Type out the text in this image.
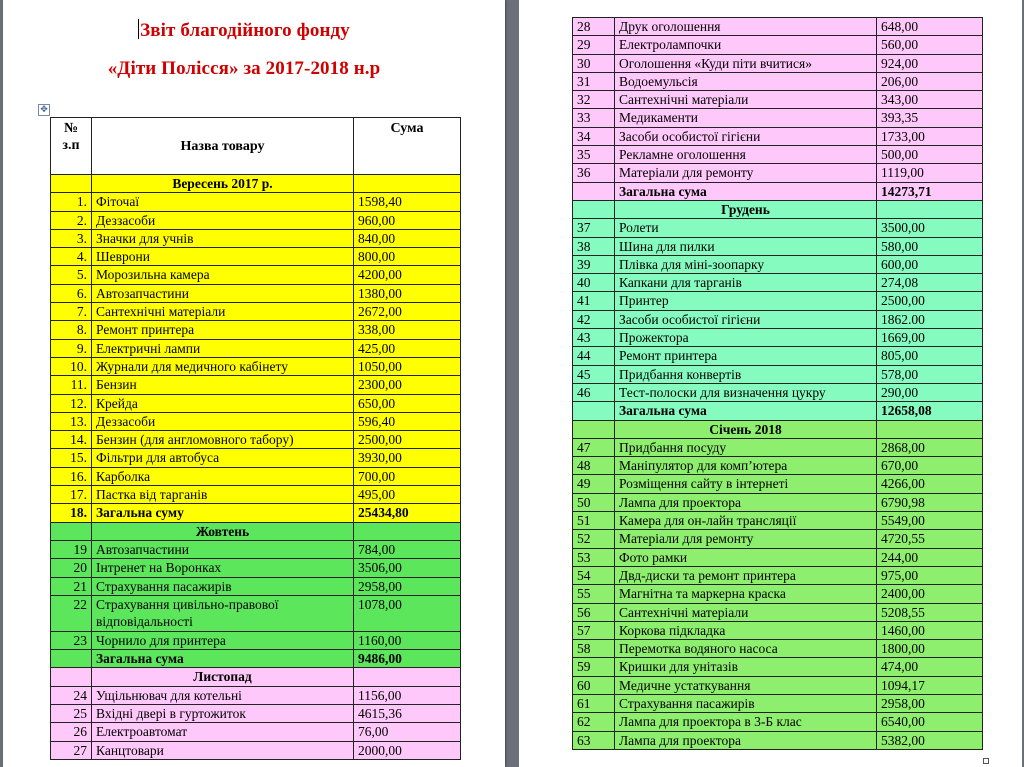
Звіт благодійного фонду
«Діти Полісся» за 2017-2018 н.р
✥
№
з.п	Назва товару	Сума
	Вересень 2017 р.	
1.	Фіточаї	1598,40
2.	Деззасоби	960,00
3.	Значки для учнів	840,00
4.	Шеврони	800,00
5.	Морозильна камера	4200,00
6.	Автозапчастини	1380,00
7.	Сантехнічні матеріали	2672,00
8.	Ремонт принтера	338,00
9.	Електричні лампи	425,00
10.	Журнали для медичного кабінету	1050,00
11.	Бензин	2300,00
12.	Крейда	650,00
13.	Деззасоби	596,40
14.	Бензин (для англомовного табору)	2500,00
15.	Фільтри для автобуса	3930,00
16.	Карболка	700,00
17.	Пастка від тарганів	495,00
18.	Загальна суму	25434,80
	Жовтень	
19	Автозапчастини	784,00
20	Інтренет на Воронках	3506,00
21	Страхування пасажирів	2958,00
22	Страхування цивільно-правової відповідальності	1078,00
23	Чорнило для принтера	1160,00
	Загальна сума	9486,00
	Листопад	
24	Ущільнювач для котельні	1156,00
25	Вхідні двері в гуртожиток	4615,36
26	Електроавтомат	76,00
27	Канцтовари	2000,00
28	Друк оголошення	648,00
29	Електролампочки	560,00
30	Оголошення «Куди піти вчитися»	924,00
31	Водоемульсія	206,00
32	Сантехнічні матеріали	343,00
33	Медикаменти	393,35
34	Засоби особистої гігієни	1733,00
35	Рекламне оголошення	500,00
36	Матеріали для ремонту	1119,00
	Загальна сума	14273,71
	Грудень	
37	Ролети	3500,00
38	Шина для пилки	580,00
39	Плівка для міні-зоопарку	600,00
40	Капкани для тарганів	274,08
41	Принтер	2500,00
42	Засоби особистої гігієни	1862.00
43	Прожектора	1669,00
44	Ремонт принтера	805,00
45	Придбання конвертів	578,00
46	Тест-полоски для визначення цукру	290,00
	Загальна сума	12658,08
	Січень 2018	
47	Придбання посуду	2868,00
48	Маніпулятор для комп’ютера	670,00
49	Розміщення сайту в інтернеті	4266,00
50	Лампа для проектора	6790,98
51	Камера для он-лайн трансляції	5549,00
52	Матеріали для ремонту	4720,55
53	Фото рамки	244,00
54	Двд-диски та ремонт принтера	975,00
55	Магнітна та маркерна краска	2400,00
56	Сантехнічні матеріали	5208,55
57	Коркова підкладка	1460,00
58	Перемотка водяного насоса	1800,00
59	Кришки для унітазів	474,00
60	Медичне устаткування	1094,17
61	Страхування пасажирів	2958,00
62	Лампа для проектора в 3-Б клас	6540,00
63	Лампа для проектора	5382,00
